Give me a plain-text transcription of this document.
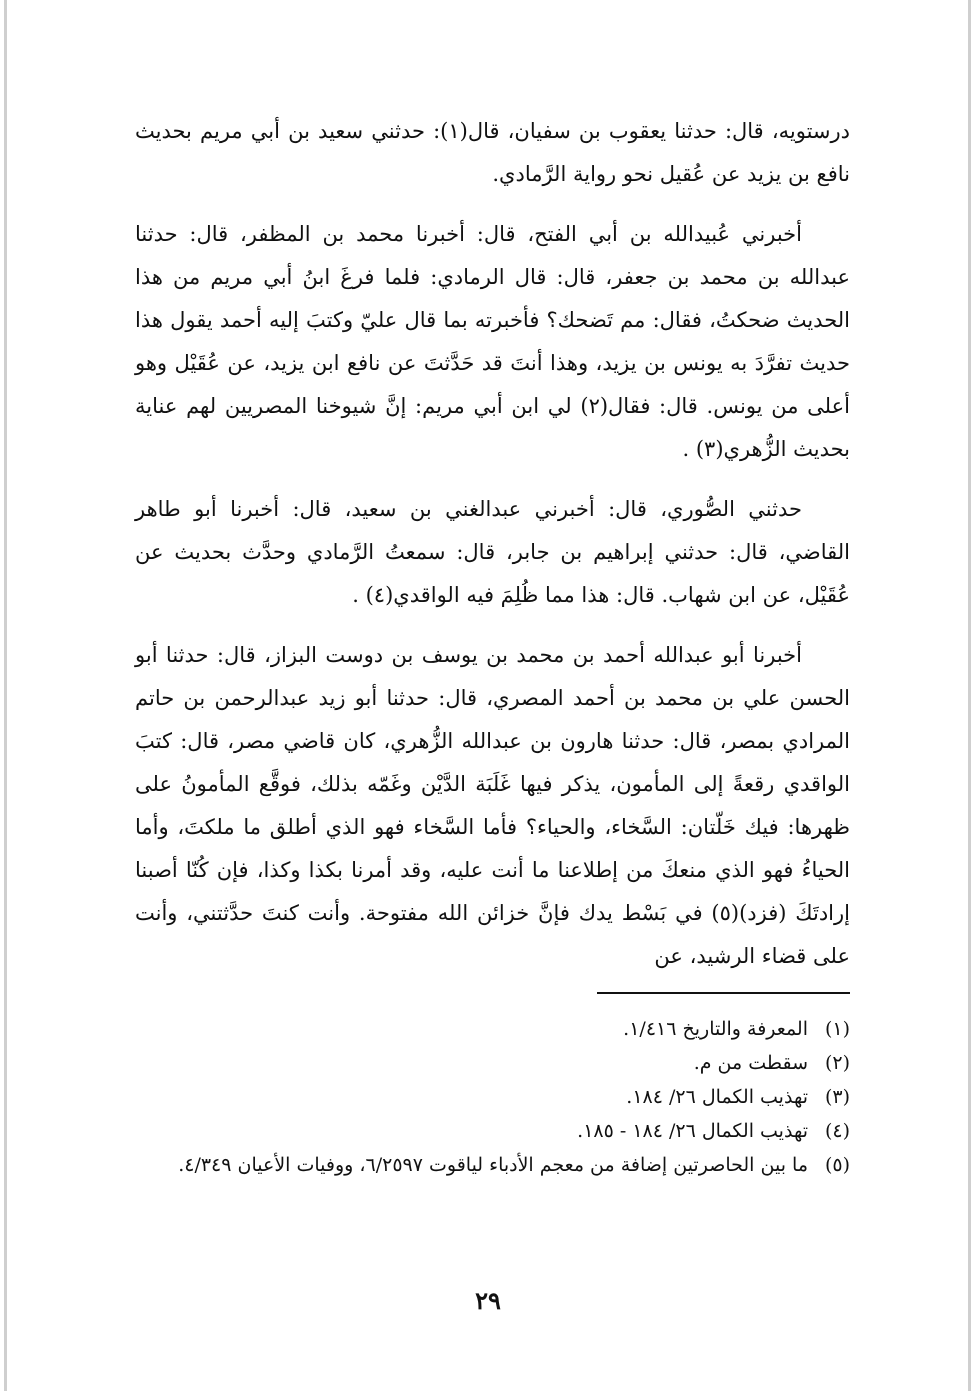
درستويه، قال: حدثنا يعقوب بن سفيان، قال(١): حدثني سعيد بن أبي مريم بحديث نافع بن يزيد عن عُقيل نحو رواية الرَّمادي.

أخبرني عُبيدالله بن أبي الفتح، قال: أخبرنا محمد بن المظفر، قال: حدثنا عبدالله بن محمد بن جعفر، قال: قال الرمادي: فلما فرغَ ابنُ أبي مريم من هذا الحديث ضحكتُ، فقال: مم تَضحك؟ فأخبرته بما قال عليّ وكتبَ إليه أحمد يقول هذا حديث تفرَّدَ به يونس بن يزيد، وهذا أنتَ قد حَدَّثتَ عن نافع ابن يزيد، عن عُقَيْل وهو أعلى من يونس. قال: فقال(٢) لي ابن أبي مريم: إنَّ شيوخنا المصريين لهم عناية بحديث الزُّهري(٣) .

حدثني الصُّوري، قال: أخبرني عبدالغني بن سعيد، قال: أخبرنا أبو طاهر القاضي، قال: حدثني إبراهيم بن جابر، قال: سمعتُ الرَّمادي وحدَّث بحديث عن عُقَيْل، عن ابن شهاب. قال: هذا مما ظُلِمَ فيه الواقدي(٤) .

أخبرنا أبو عبدالله أحمد بن محمد بن يوسف بن دوست البزاز، قال: حدثنا أبو الحسن علي بن محمد بن أحمد المصري، قال: حدثنا أبو زيد عبدالرحمن بن حاتم المرادي بمصر، قال: حدثنا هارون بن عبدالله الزُّهري، كان قاضي مصر، قال: كتبَ الواقدي رقعةً إلى المأمون، يذكر فيها غَلَبَة الدَّيْن وغَمّه بذلك، فوقَّع المأمونُ على ظهرها: فيك خَلّتان: السَّخاء، والحياء؟ فأما السَّخاء فهو الذي أطلق ما ملكتَ، وأما الحياءُ فهو الذي منعكَ من إطلاعنا ما أنت عليه، وقد أمرنا بكذا وكذا، فإن كُنّا أصبنا إرادتَكَ (فزد)(٥) في بَسْط يدك فإنَّ خزائن الله مفتوحة. وأنت كنتَ حدَّثتني، وأنت على قضاء الرشيد، عن

(١)
المعرفة والتاريخ ١/٤١٦.
(٢)
سقطت من م.
(٣)
تهذيب الكمال ٢٦/ ١٨٤.
(٤)
تهذيب الكمال ٢٦/ ١٨٤ - ١٨٥.
(٥)
ما بين الحاصرتين إضافة من معجم الأدباء لياقوت ٦/٢٥٩٧، ووفيات الأعيان ٤/٣٤٩.
٢٩
